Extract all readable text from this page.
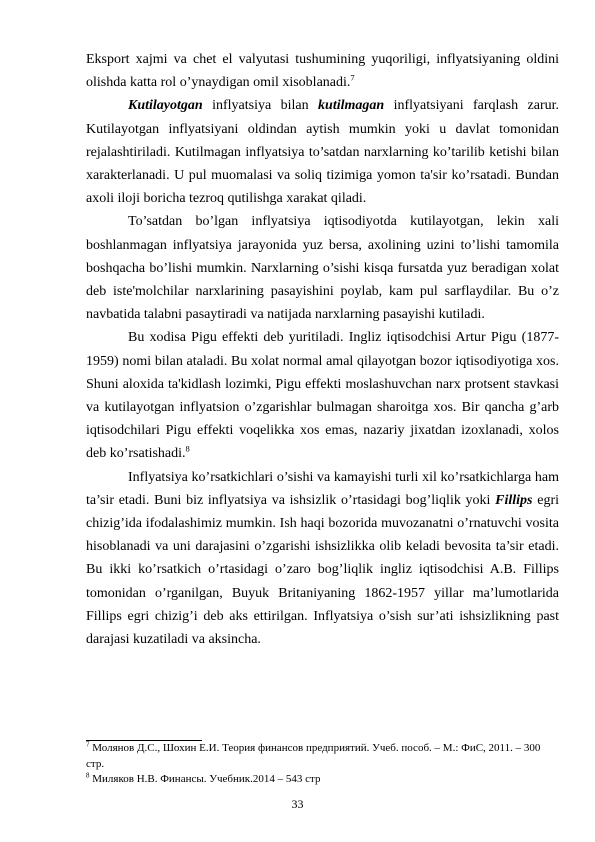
Eksport xajmi va chet el valyutasi tushumining yuqoriligi, inflyatsiyaning oldini olishda katta rol o’ynaydigan omil xisoblanadi.$^7$

Kutilayotgan inflyatsiya bilan kutilmagan inflyatsiyani farqlash zarur. Kutilayotgan inflyatsiyani oldindan aytish mumkin yoki u davlat tomonidan rejalashtiriladi. Kutilmagan inflyatsiya to’satdan narxlarning ko’tarilib ketishi bilan xarakterlanadi. U pul muomalasi va soliq tizimiga yomon ta'sir ko’rsatadi. Bundan axoli iloji boricha tezroq qutilishga xarakat qiladi.

To’satdan bo’lgan inflyatsiya iqtisodiyotda kutilayotgan, lekin xali boshlanmagan inflyatsiya jarayonida yuz bersa, axolining uzini to’lishi tamomila boshqacha bo’lishi mumkin. Narxlarning o’sishi kisqa fursatda yuz beradigan xolat deb iste'molchilar narxlarining pasayishini poylab, kam pul sarflaydilar. Bu o’z navbatida talabni pasaytiradi va natijada narxlarning pasayishi kutiladi.

Bu xodisa Pigu effekti deb yuritiladi. Ingliz iqtisodchisi Artur Pigu (1877-1959) nomi bilan ataladi. Bu xolat normal amal qilayotgan bozor iqtisodiyotiga xos. Shuni aloxida ta'kidlash lozimki, Pigu effekti moslashuvchan narx protsent stavkasi va kutilayotgan inflyatsion o’zgarishlar bulmagan sharoitga xos. Bir qancha g’arb iqtisodchilari Pigu effekti voqelikka xos emas, nazariy jixatdan izoxlanadi, xolos deb ko’rsatishadi.$^8$

Inflyatsiya ko’rsatkichlari o’sishi va kamayishi turli xil ko’rsatkichlarga ham ta’sir etadi. Buni biz inflyatsiya va ishsizlik o’rtasidagi bog’liqlik yoki Fillips egri chizig’ida ifodalashimiz mumkin. Ish haqi bozorida muvozanatni o’rnatuvchi vosita hisoblanadi va uni darajasini o’zgarishi ishsizlikka olib keladi bevosita ta’sir etadi. Bu ikki ko’rsatkich o’rtasidagi o’zaro bog’liqlik ingliz iqtisodchisi A.B. Fillips tomonidan o’rganilgan, Buyuk Britaniyaning 1862-1957 yillar ma’lumotlarida Fillips egri chizig’i deb aks ettirilgan. Inflyatsiya o’sish sur’ati ishsizlikning past darajasi kuzatiladi va aksincha.

$^7$ Молянов Д.С., Шохин Е.И. Теория финансов предприятий. Учеб. пособ. – М.: ФиС, 2011. – 300 стр.
$^8$ Миляков Н.В. Финансы. Учебник.2014 – 543 стр
33
